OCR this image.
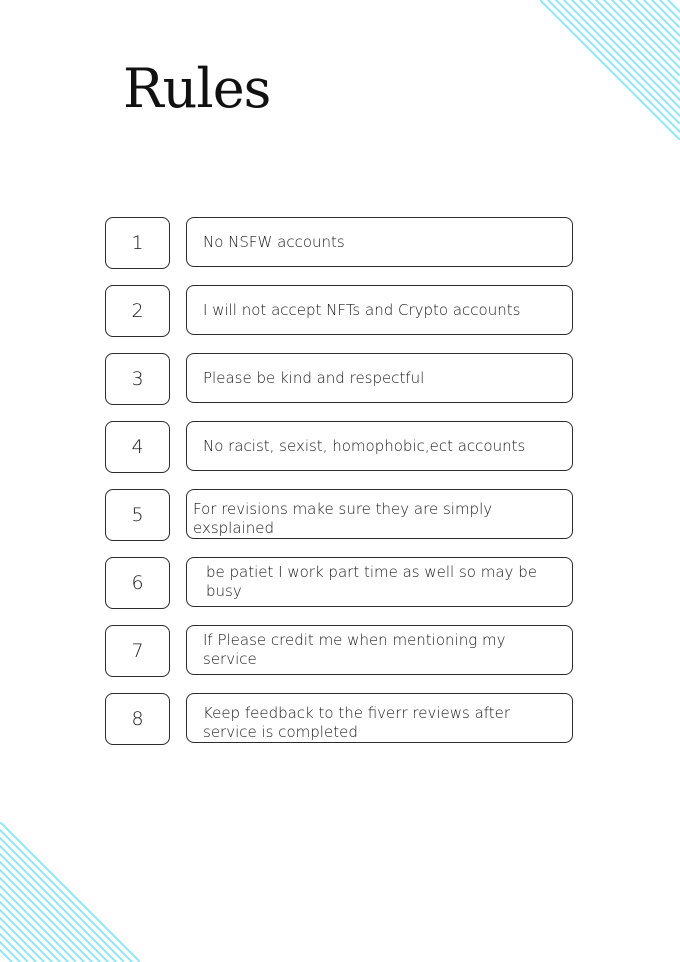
Rules
1	No NSFW accounts
2	I will not accept NFTs and Crypto accounts
3	Please be kind and respectful
4	No racist, sexist, homophobic,ect accounts
5	For revisions make sure they are simply exsplained
6	be patiet I work part time as well so may be busy
7	If Please credit me when mentioning my service
8	Keep feedback to the fiverr reviews after service is completed
